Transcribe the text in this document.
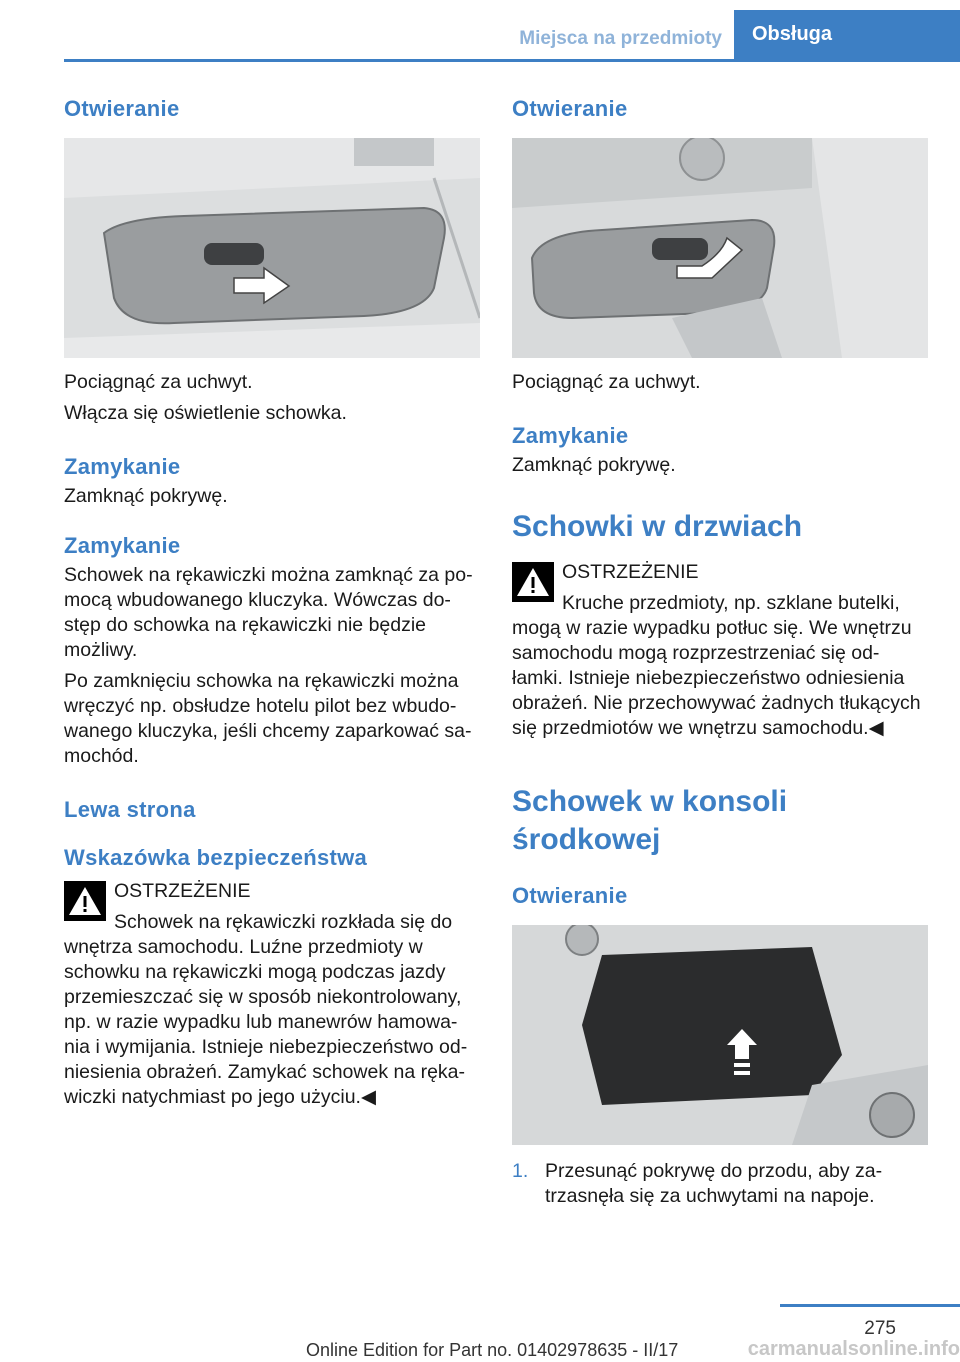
Miejsca na przedmioty	Obsługa
Otwieranie

Pociągnąć za uchwyt.

Włącza się oświetlenie schowka.

Zamykanie

Zamknąć pokrywę.

Zamykanie

Schowek na rękawiczki można zamknąć za po-mocą wbudowanego kluczyka. Wówczas do-stęp do schowka na rękawiczki nie będzie możliwy.

Po zamknięciu schowka na rękawiczki można wręczyć np. obsłudze hotelu pilot bez wbudo-wanego kluczyka, jeśli chcemy zaparkować sa-mochód.

Lewa strona
Wskazówka bezpieczeństwa

OSTRZEŻENIE

Schowek na rękawiczki rozkłada się do wnętrza samochodu. Luźne przedmioty w schowku na rękawiczki mogą podczas jazdy przemieszczać się w sposób niekontrolowany, np. w razie wypadku lub manewrów hamowa-nia i wymijania. Istnieje niebezpieczeństwo od-niesienia obrażeń. Zamykać schowek na ręka-wiczki natychmiast po jego użyciu.◀

Otwieranie

Pociągnąć za uchwyt.

Zamykanie

Zamknąć pokrywę.

Schowki w drzwiach

OSTRZEŻENIE

Kruche przedmioty, np. szklane butelki, mogą w razie wypadku potłuc się. We wnętrzu samochodu mogą rozprzestrzeniać się od-łamki. Istnieje niebezpieczeństwo odniesienia obrażeń. Nie przechowywać żadnych tłukących się przedmiotów we wnętrzu samochodu.◀

Schowek w konsoli środkowej
Otwieranie
1. Przesunąć pokrywę do przodu, aby za-trzasnęła się za uchwytami na napoje.
275
Online Edition for Part no. 01402978635 - II/17	carmanualsonline.info
